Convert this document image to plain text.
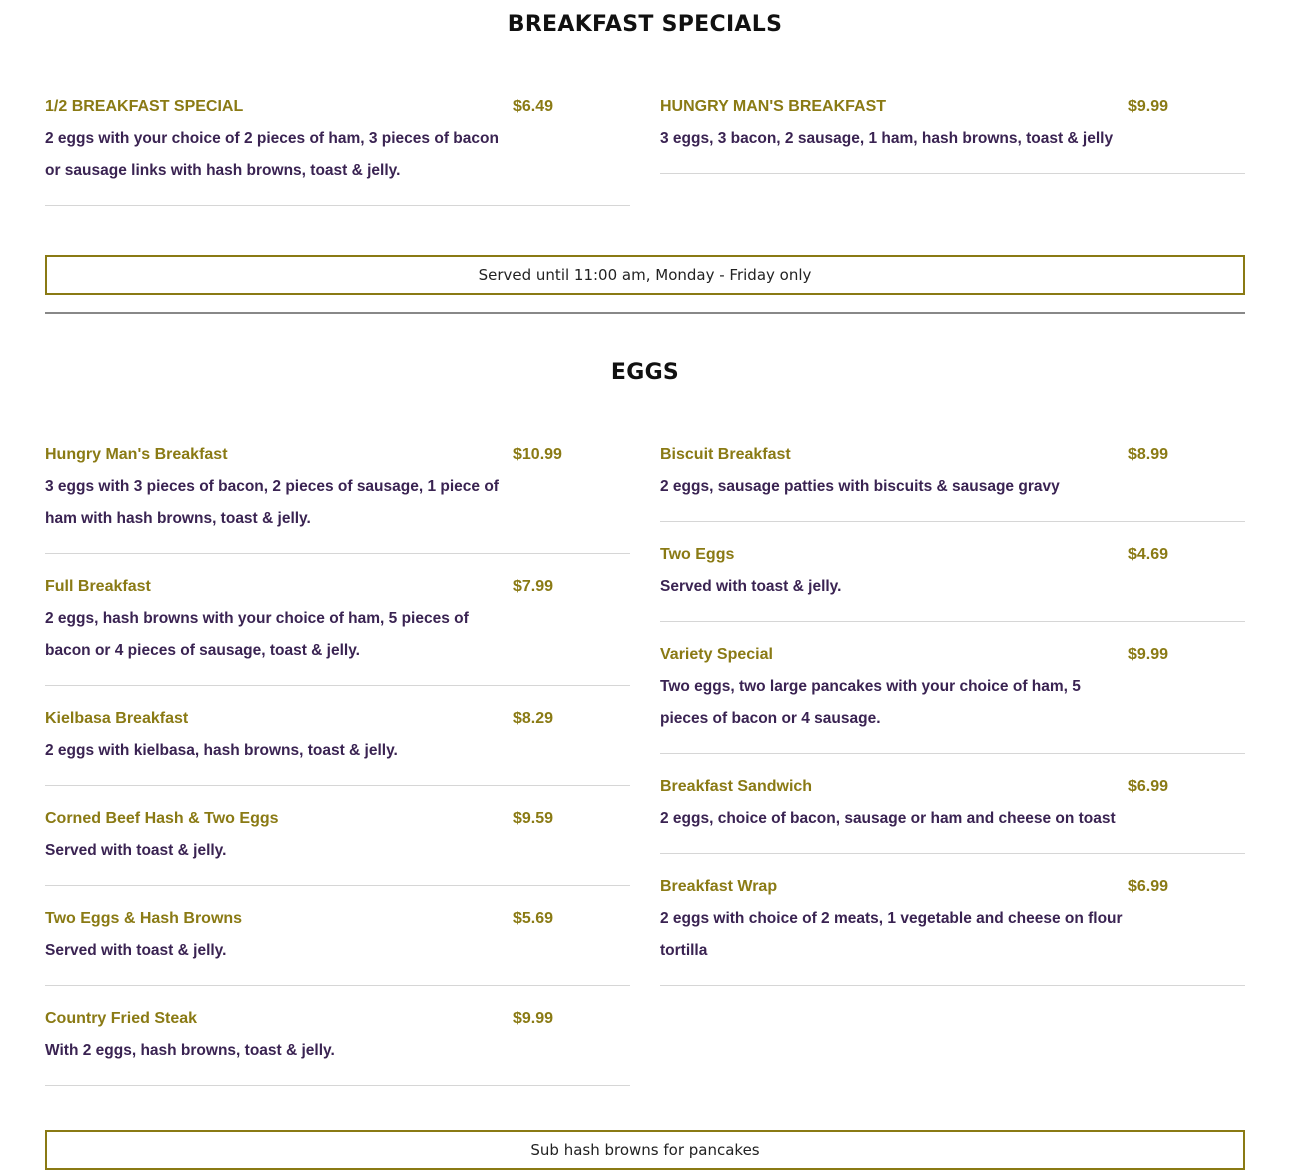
BREAKFAST SPECIALS
1/2 BREAKFAST SPECIAL	$6.49
2 eggs with your choice of 2 pieces of ham, 3 pieces of bacon or sausage links with hash browns, toast & jelly.
HUNGRY MAN'S BREAKFAST	$9.99
3 eggs, 3 bacon, 2 sausage, 1 ham, hash browns, toast & jelly
Served until 11:00 am, Monday - Friday only
EGGS
Hungry Man's Breakfast	$10.99
3 eggs with 3 pieces of bacon, 2 pieces of sausage, 1 piece of ham with hash browns, toast & jelly.
Full Breakfast	$7.99
2 eggs, hash browns with your choice of ham, 5 pieces of bacon or 4 pieces of sausage, toast & jelly.
Kielbasa Breakfast	$8.29
2 eggs with kielbasa, hash browns, toast & jelly.
Corned Beef Hash & Two Eggs	$9.59
Served with toast & jelly.
Two Eggs & Hash Browns	$5.69
Served with toast & jelly.
Country Fried Steak	$9.99
With 2 eggs, hash browns, toast & jelly.
Biscuit Breakfast	$8.99
2 eggs, sausage patties with biscuits & sausage gravy
Two Eggs	$4.69
Served with toast & jelly.
Variety Special	$9.99
Two eggs, two large pancakes with your choice of ham, 5 pieces of bacon or 4 sausage.
Breakfast Sandwich	$6.99
2 eggs, choice of bacon, sausage or ham and cheese on toast
Breakfast Wrap	$6.99
2 eggs with choice of 2 meats, 1 vegetable and cheese on flour tortilla
Sub hash browns for pancakes
